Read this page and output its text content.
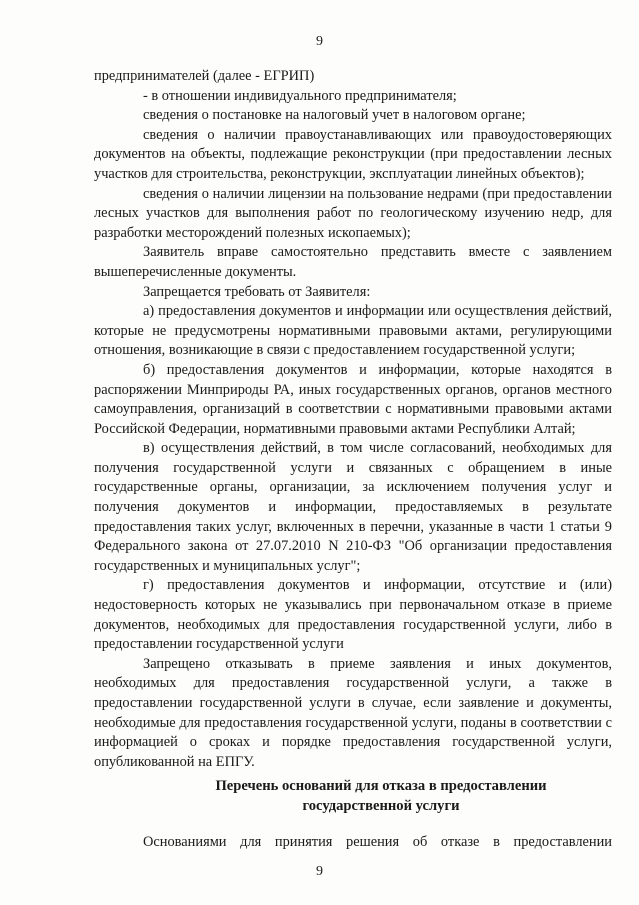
9

предпринимателей (далее - ЕГРИП)

- в отношении индивидуального предпринимателя;

сведения о постановке на налоговый учет в налоговом органе;

сведения о наличии правоустанавливающих или правоудостоверяющих документов на объекты, подлежащие реконструкции (при предоставлении лесных участков для строительства, реконструкции, эксплуатации линейных объектов);

сведения о наличии лицензии на пользование недрами (при предоставлении лесных участков для выполнения работ по геологическому изучению недр, для разработки месторождений полезных ископаемых);

Заявитель вправе самостоятельно представить вместе с заявлением вышеперечисленные документы.

Запрещается требовать от Заявителя:

а) предоставления документов и информации или осуществления действий, которые не предусмотрены нормативными правовыми актами, регулирующими отношения, возникающие в связи с предоставлением государственной услуги;

б) предоставления документов и информации, которые находятся в распоряжении Минприроды РА, иных государственных органов, органов местного самоуправления, организаций в соответствии с нормативными правовыми актами Российской Федерации, нормативными правовыми актами Республики Алтай;

в) осуществления действий, в том числе согласований, необходимых для получения государственной услуги и связанных с обращением в иные государственные органы, организации, за исключением получения услуг и получения документов и информации, предоставляемых в результате предоставления таких услуг, включенных в перечни, указанные в части 1 статьи 9 Федерального закона от 27.07.2010 N 210-ФЗ "Об организации предоставления государственных и муниципальных услуг";

г) предоставления документов и информации, отсутствие и (или) недостоверность которых не указывались при первоначальном отказе в приеме документов, необходимых для предоставления государственной услуги, либо в предоставлении государственной услуги

Запрещено отказывать в приеме заявления и иных документов, необходимых для предоставления государственной услуги, а также в предоставлении государственной услуги в случае, если заявление и документы, необходимые для предоставления государственной услуги, поданы в соответствии с информацией о сроках и порядке предоставления государственной услуги, опубликованной на ЕПГУ.

Перечень оснований для отказа в предоставлении
государственной услуги

Основаниями для принятия решения об отказе в предоставлении

9
